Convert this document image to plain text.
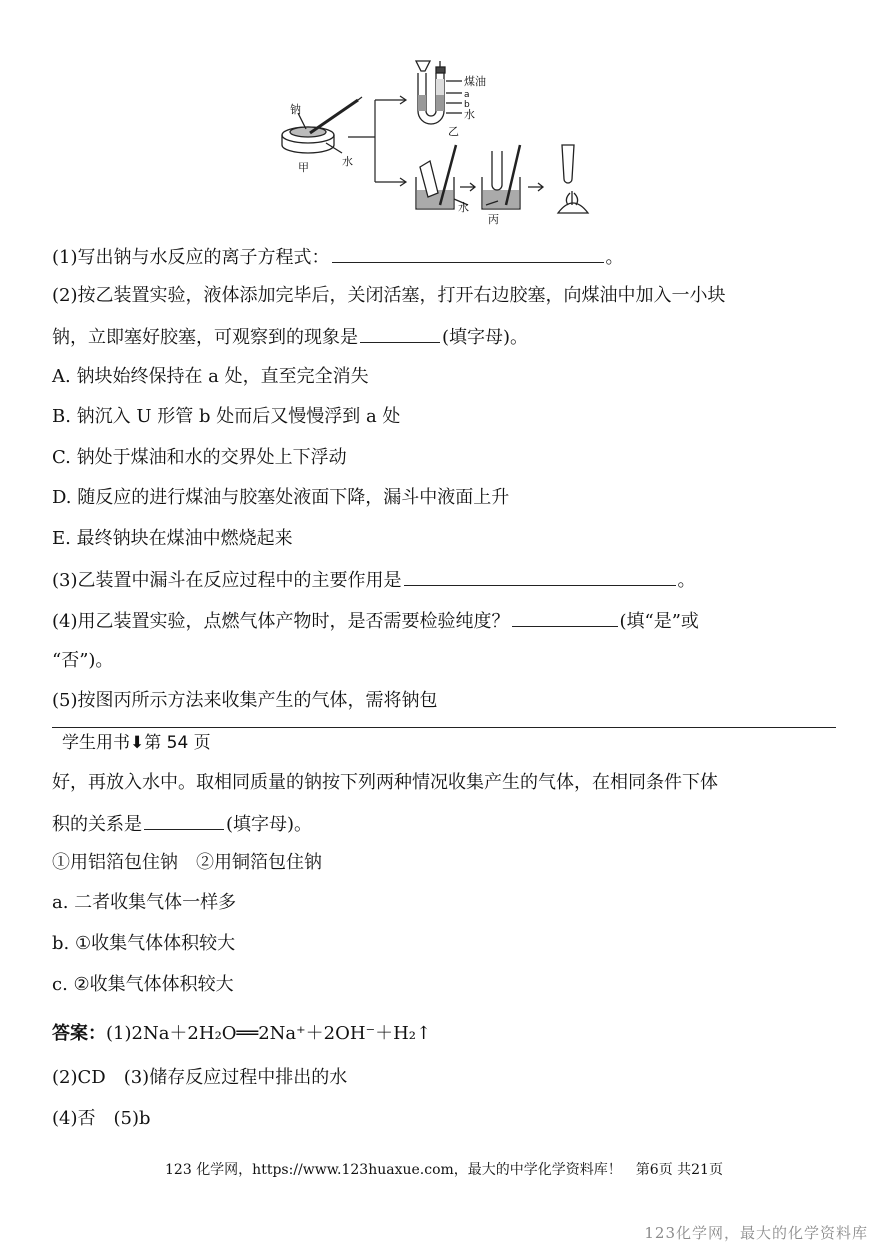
钠
甲	水
煤油
a
b
水
乙
水
丙
(1)写出钠与水反应的离子方程式：	。
(2)按乙装置实验，液体添加完毕后，关闭活塞，打开右边胶塞，向煤油中加入一小块
钠，立即塞好胶塞，可观察到的现象是	(填字母)。
A. 钠块始终保持在 a 处，直至完全消失
B. 钠沉入 U 形管 b 处而后又慢慢浮到 a 处
C. 钠处于煤油和水的交界处上下浮动
D. 随反应的进行煤油与胶塞处液面下降，漏斗中液面上升
E. 最终钠块在煤油中燃烧起来
(3)乙装置中漏斗在反应过程中的主要作用是	。
(4)用乙装置实验，点燃气体产物时，是否需要检验纯度？	(填“是”或
“否”)。
(5)按图丙所示方法来收集产生的气体，需将钠包
学生用书⬇第 54 页
好，再放入水中。取相同质量的钠按下列两种情况收集产生的气体，在相同条件下体
积的关系是	(填字母)。
①用铝箔包住钠　②用铜箔包住钠
a. 二者收集气体一样多
b. ①收集气体体积较大
c. ②收集气体体积较大
答案：(1)2Na＋2H₂O══2Na⁺＋2OH⁻＋H₂↑
(2)CD　(3)储存反应过程中排出的水
(4)否　(5)b
123 化学网，https://www.123huaxue.com，最大的中学化学资料库！　第6页 共21页
123化学网，最大的化学资料库
